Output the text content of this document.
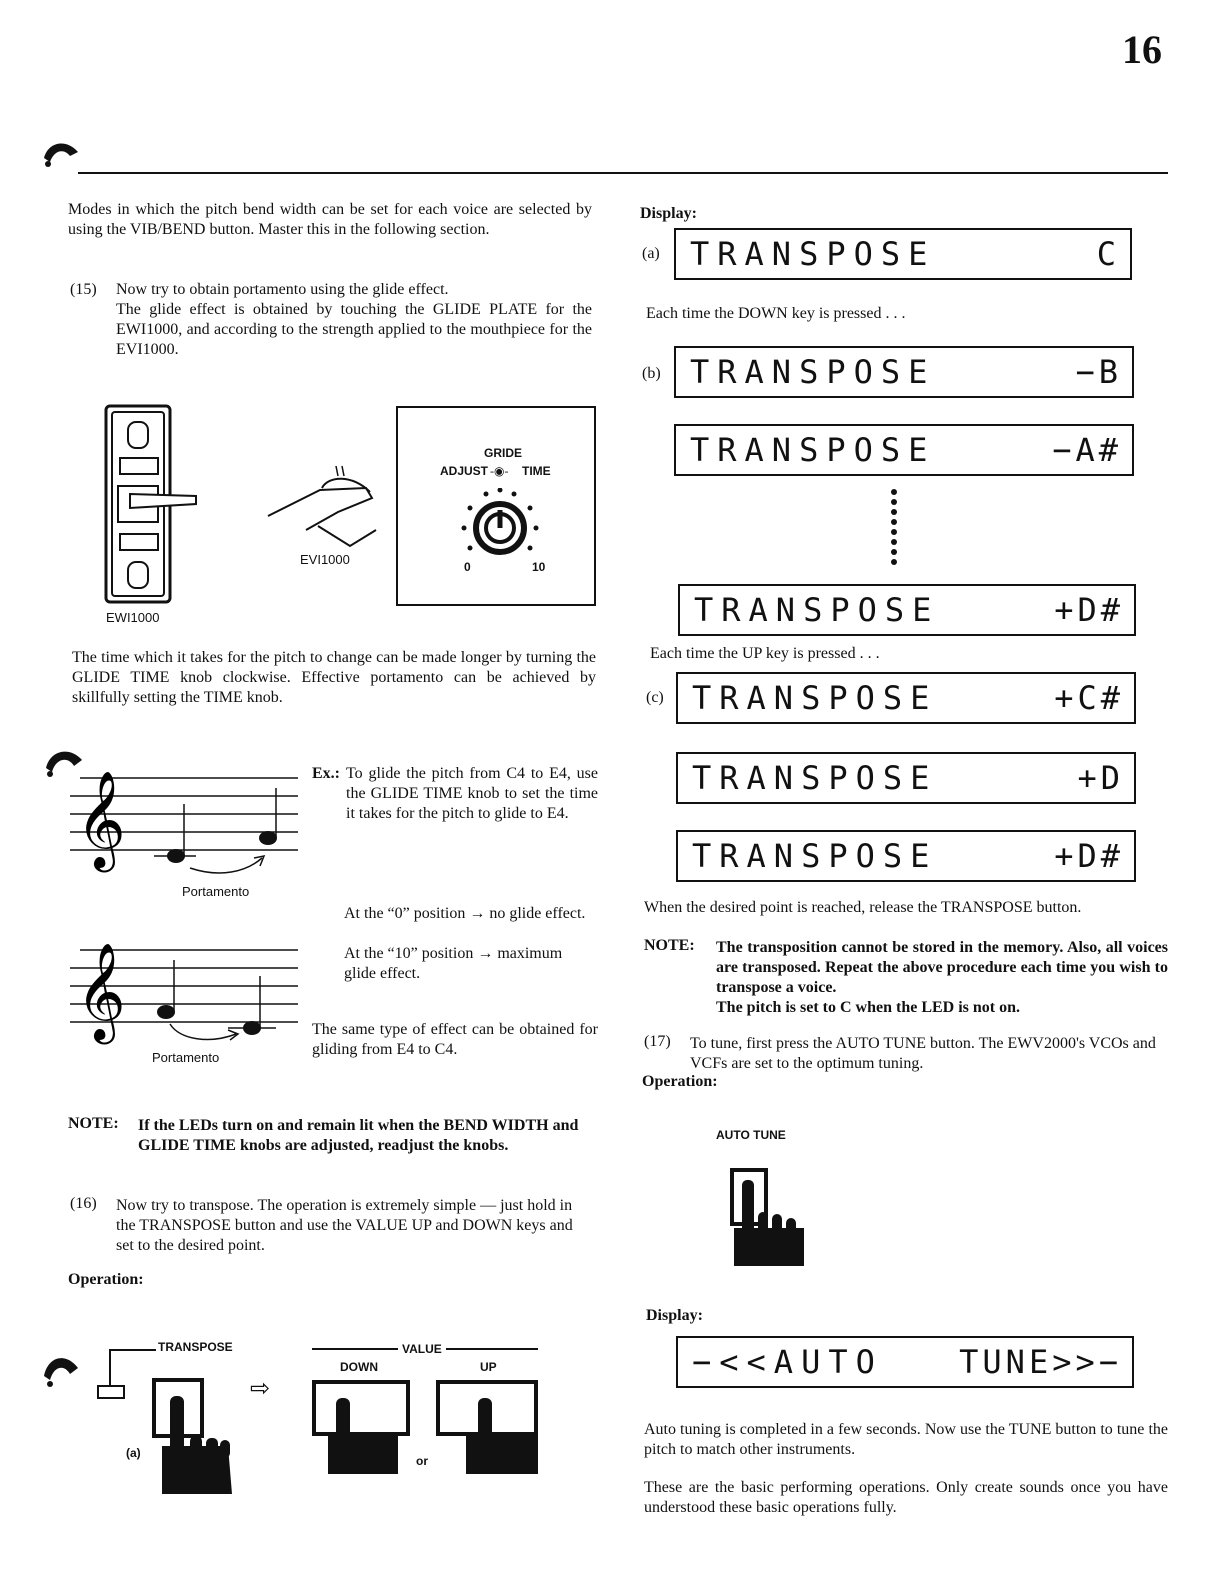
16
Modes in which the pitch bend width can be set for each voice are selected by using the VIB/BEND button. Master this in the following section.
(15) Now try to obtain portamento using the glide effect.
The glide effect is obtained by touching the GLIDE PLATE for the EWI1000, and according to the strength applied to the mouthpiece for the EVI1000.
EWI1000
EVI1000
GRIDE
ADJUST -◉- TIME
0	10
The time which it takes for the pitch to change can be made longer by turning the GLIDE TIME knob clockwise. Effective portamento can be achieved by skillfully setting the TIME knob.
𝄞
Portamento
Ex.: To glide the pitch from C4 to E4, use the GLIDE TIME knob to set the time it takes for the pitch to glide to E4.
At the “0” position → no glide effect.
At the “10” position → maximum glide effect.
𝄞
Portamento
The same type of effect can be obtained for gliding from E4 to C4.
NOTE: If the LEDs turn on and remain lit when the BEND WIDTH and GLIDE TIME knobs are adjusted, readjust the knobs.
(16) Now try to transpose. The operation is extremely simple — just hold in the TRANSPOSE button and use the VALUE UP and DOWN keys and set to the desired point.
Operation:
TRANSPOSE
(a)
⇨
VALUE
DOWN	UP
or
Display:
(a) TRANSPOSE	C
Each time the DOWN key is pressed . . .
(b) TRANSPOSE	−B
TRANSPOSE	−A#
TRANSPOSE	+D#
Each time the UP key is pressed . . .
(c) TRANSPOSE	+C#
TRANSPOSE	+D
TRANSPOSE	+D#
When the desired point is reached, release the TRANSPOSE button.
NOTE: The transposition cannot be stored in the memory. Also, all voices are transposed. Repeat the above procedure each time you wish to transpose a voice.
The pitch is set to C when the LED is not on.
(17) To tune, first press the AUTO TUNE button. The EWV2000's VCOs and VCFs are set to the optimum tuning.
Operation:
AUTO TUNE
Display:
−<<AUTO TUNE>>−
Auto tuning is completed in a few seconds. Now use the TUNE button to tune the pitch to match other instruments.
These are the basic performing operations. Only create sounds once you have understood these basic operations fully.
